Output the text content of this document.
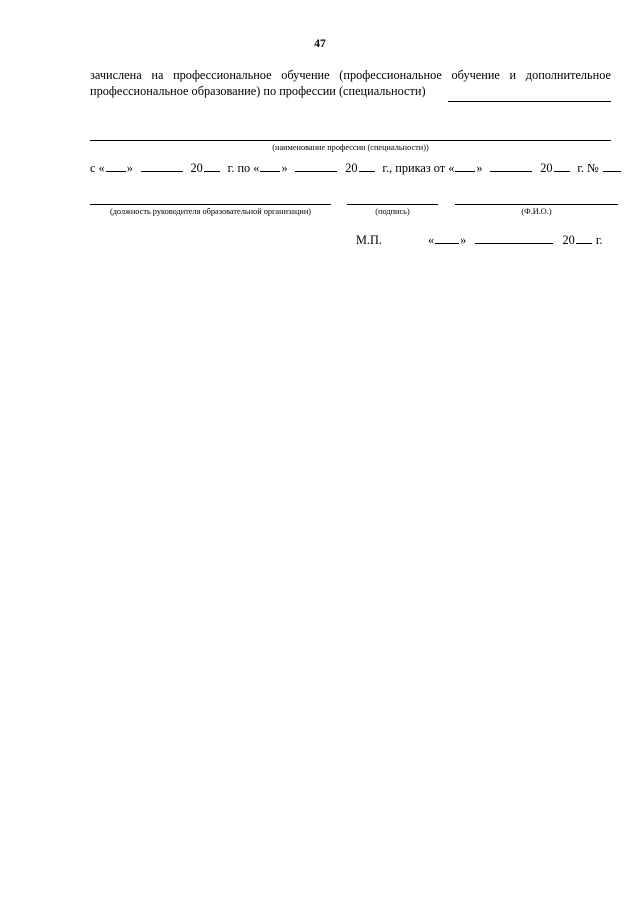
47
зачислена на профессиональное обучение (профессиональное обучение и дополнительное
профессиональное образование) по профессии (специальности)
(наименование профессии (специальности))
с « »	20	г. по « »	20	г., приказ от « »	20	г. №
(должность руководителя образовательной организации)	(подпись)	(Ф.И.О.)
М.П.	« »	20 г.
